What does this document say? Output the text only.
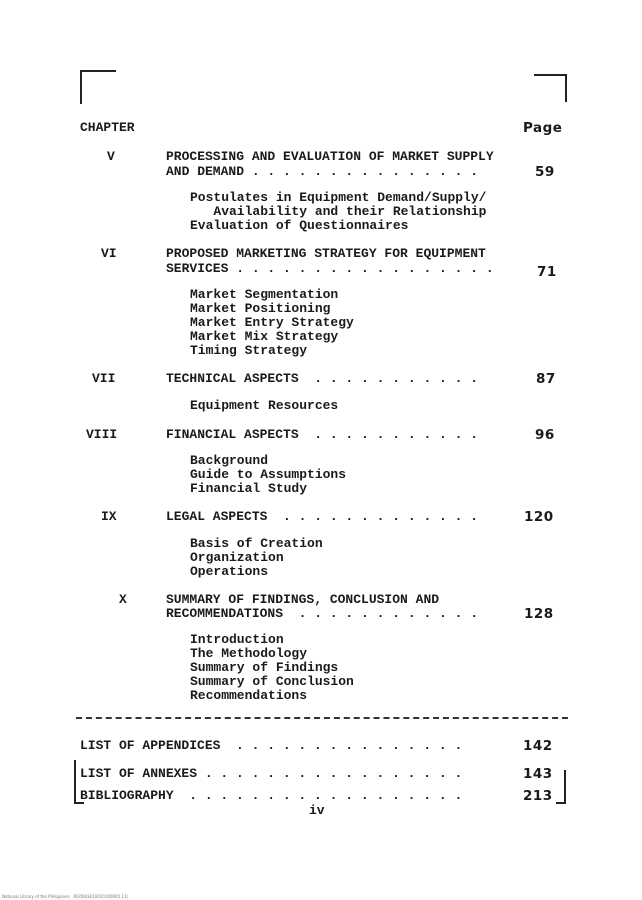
CHAPTER	Page
V	PROCESSING AND EVALUATION OF MARKET SUPPLY
AND DEMAND . . . . . . . . . . . . . . .	59
Postulates in Equipment Demand/Supply/
Availability and their Relationship
Evaluation of Questionnaires
VI	PROPOSED MARKETING STRATEGY FOR EQUIPMENT
SERVICES . . . . . . . . . . . . . . . . .	71
Market Segmentation
Market Positioning
Market Entry Strategy
Market Mix Strategy
Timing Strategy
VII	TECHNICAL ASPECTS  . . . . . . . . . . .	87
Equipment Resources
VIII	FINANCIAL ASPECTS  . . . . . . . . . . .	96
Background
Guide to Assumptions
Financial Study
IX	LEGAL ASPECTS  . . . . . . . . . . . . .	120
Basis of Creation
Organization
Operations
X	SUMMARY OF FINDINGS, CONCLUSION AND
RECOMMENDATIONS  . . . . . . . . . . . .	128
Introduction
The Methodology
Summary of Findings
Summary of Conclusion
Recommendations
LIST OF APPENDICES  . . . . . . . . . . . . . . .	142
LIST OF ANNEXES . . . . . . . . . . . . . . . . .	143
BIBLIOGRAPHY  . . . . . . . . . . . . . . . . . .	213
iv
National Library of the Philippines   RG0003010010100005 11l
